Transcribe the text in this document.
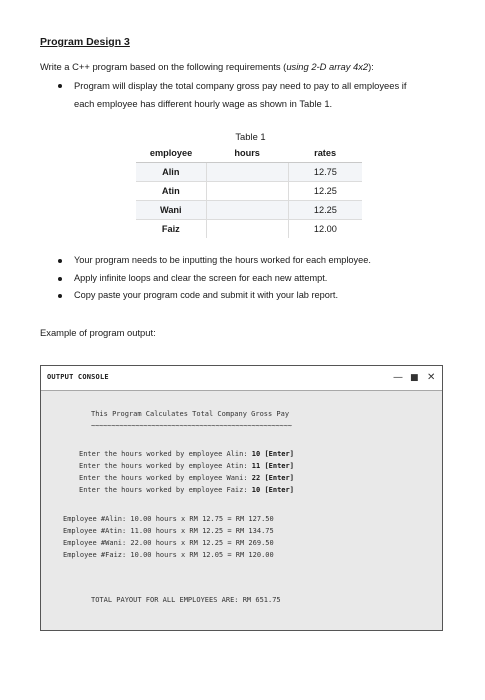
Program Design 3
Write a C++ program based on the following requirements (using 2-D array 4x2):
Program will display the total company gross pay need to pay to all employees if
each employee has different hourly wage as shown in Table 1.
Table 1
employee	hours	rates
Alin		12.75
Atin		12.25
Wani		12.25
Faiz		12.00
Your program needs to be inputting the hours worked for each employee.
Apply infinite loops and clear the screen for each new attempt.
Copy paste your program code and submit it with your lab report.
Example of program output:
OUTPUT CONSOLE	— ■ ✕

This Program Calculates Total Company Gross Pay

~~~~~~~~~~~~~~~~~~~~~~~~~~~~~~~~~~~~~~~~~~~~~~~~~~

Enter the hours worked by employee Alin: 10 [Enter]

Enter the hours worked by employee Atin: 11 [Enter]

Enter the hours worked by employee Wani: 22 [Enter]

Enter the hours worked by employee Faiz: 10 [Enter]

Employee #Alin: 10.00 hours x RM 12.75 = RM 127.50

Employee #Atin: 11.00 hours x RM 12.25 = RM 134.75

Employee #Wani: 22.00 hours x RM 12.25 = RM 269.50

Employee #Faiz: 10.00 hours x RM 12.05 = RM 120.00

TOTAL PAYOUT FOR ALL EMPLOYEES ARE: RM 651.75
